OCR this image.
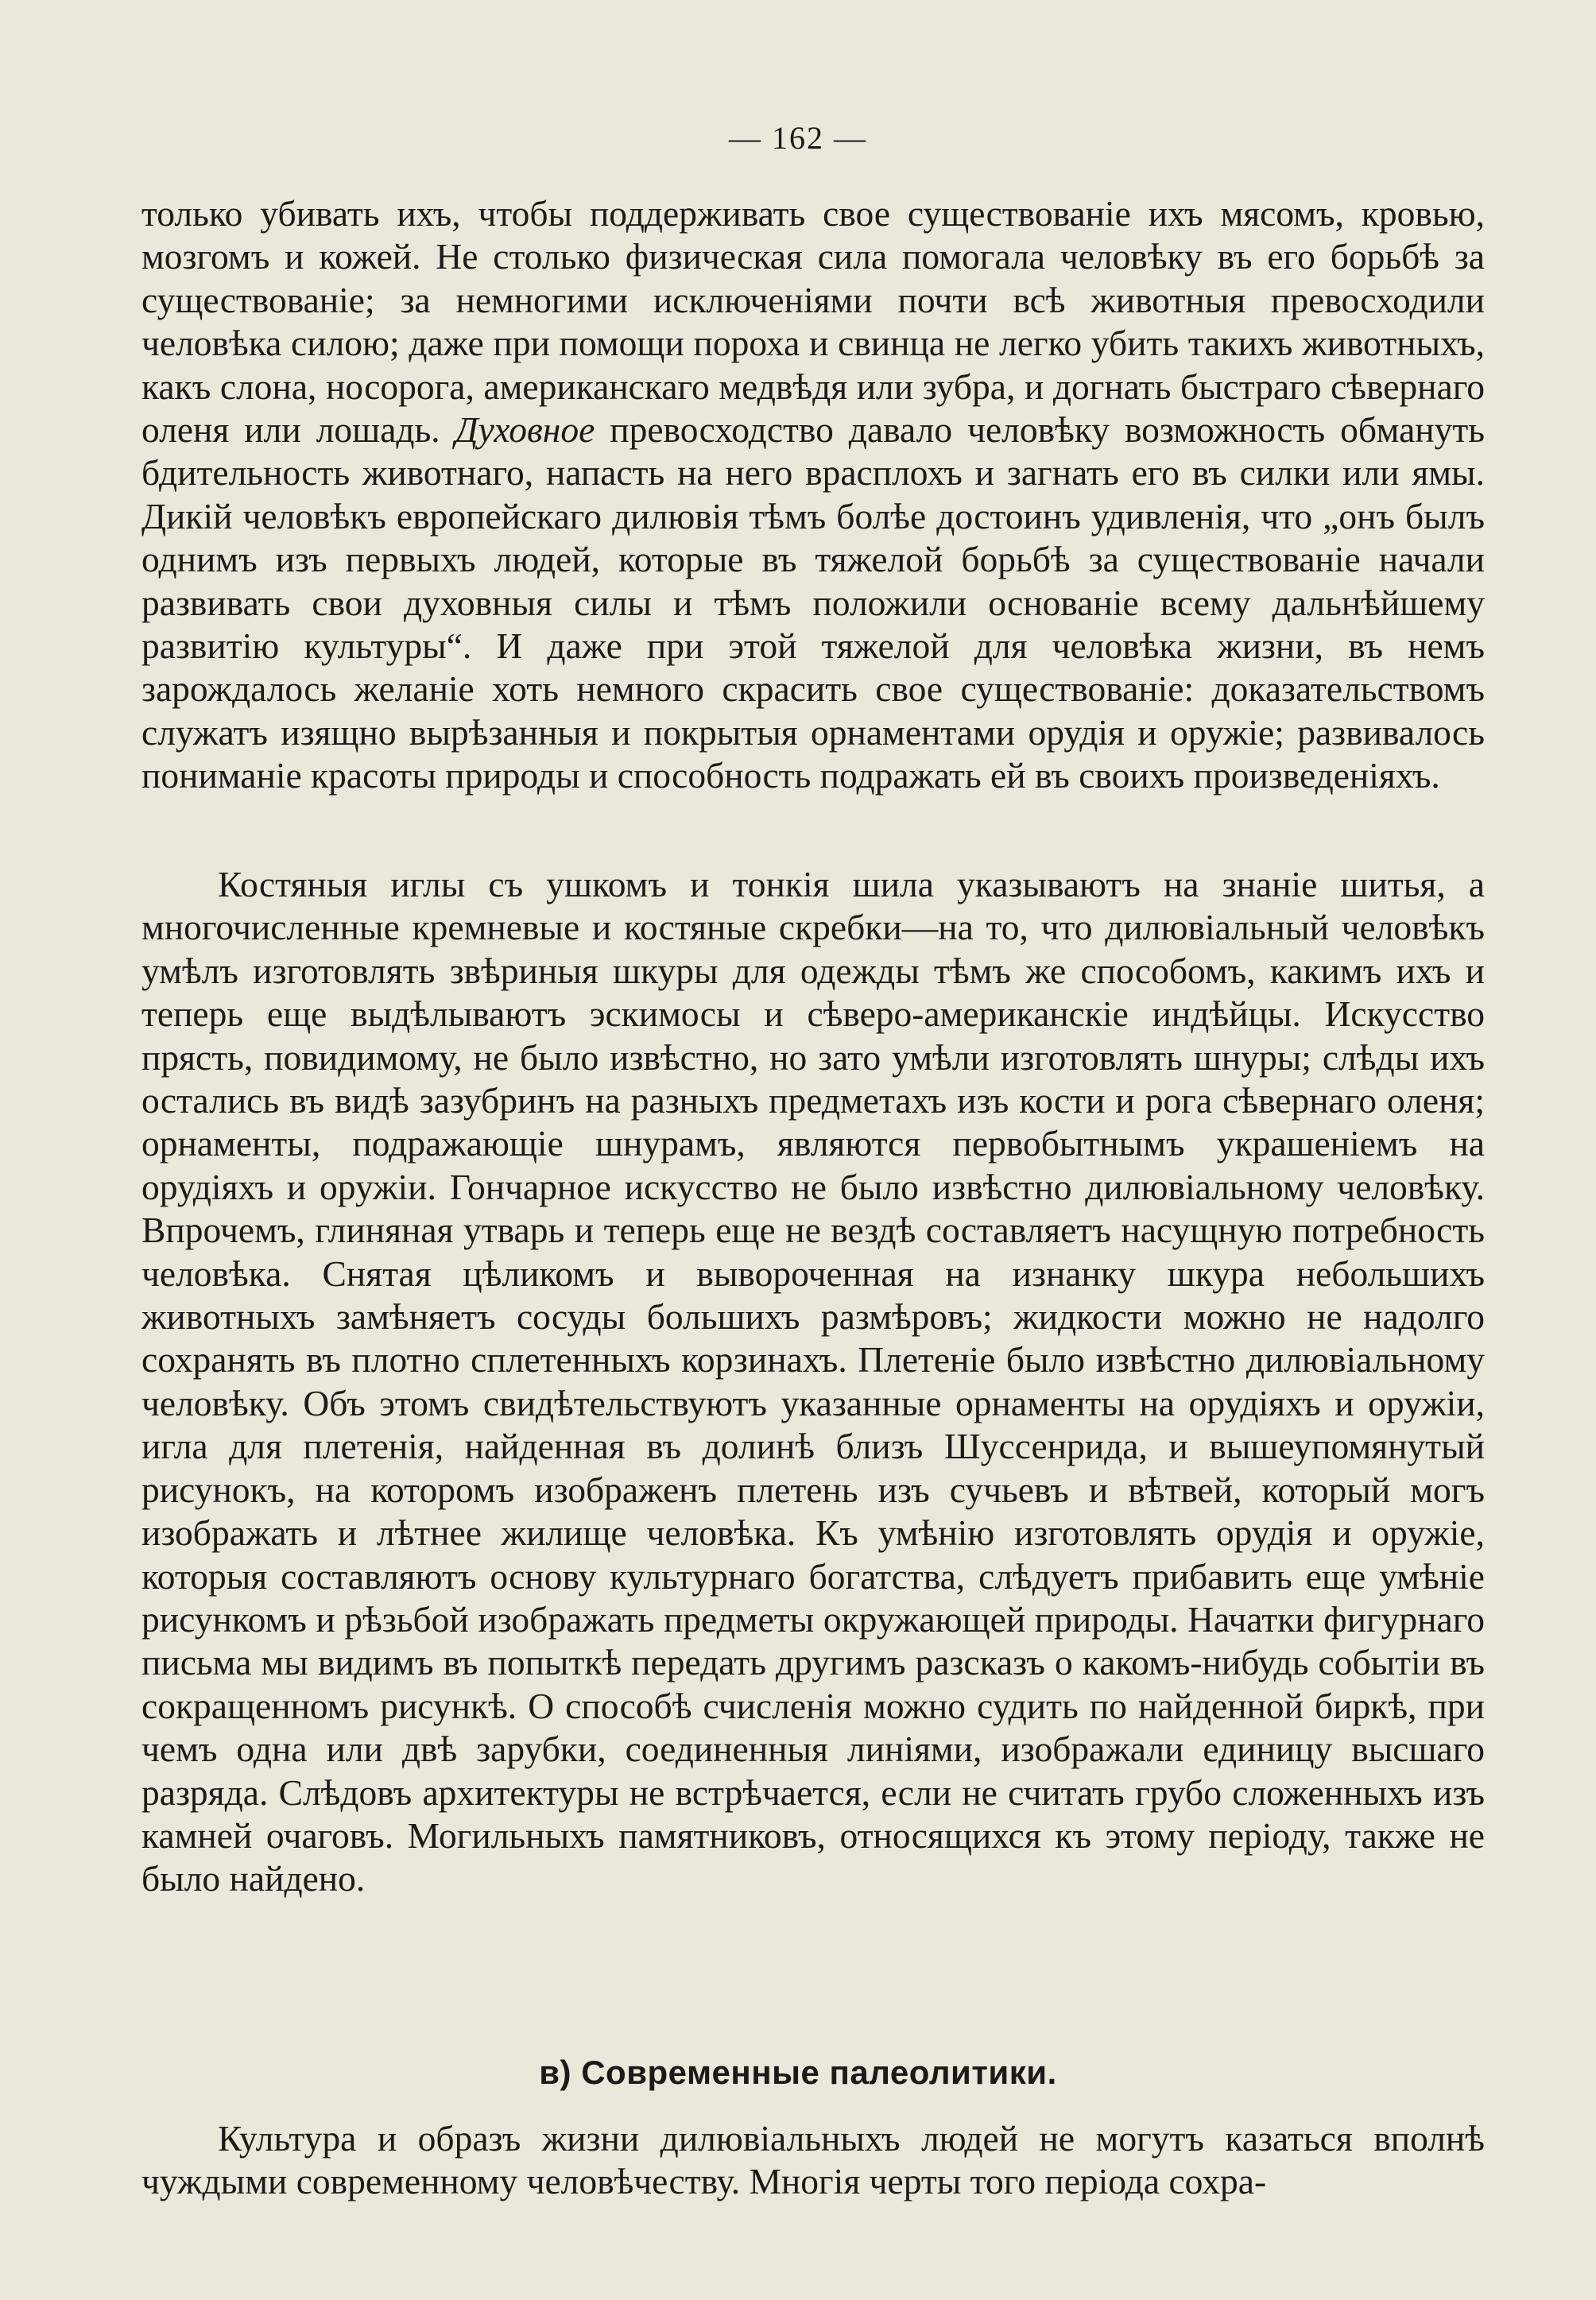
— 162 —

только убивать ихъ, чтобы поддерживать свое существованіе ихъ мясомъ, кровью, мозгомъ и кожей. Не столько физическая сила помогала человѣку въ его борьбѣ за существованіе; за немногими исключеніями почти всѣ животныя превосходили человѣка силою; даже при помощи пороха и свинца не легко убить такихъ животныхъ, какъ слона, носорога, американскаго медвѣдя или зубра, и догнать быстраго сѣвернаго оленя или лошадь. Духовное превосходство давало человѣку возможность обмануть бдительность животнаго, напасть на него врасплохъ и загнать его въ силки или ямы. Дикій человѣкъ европейскаго дилювія тѣмъ болѣе достоинъ удивленія, что „онъ былъ однимъ изъ первыхъ людей, которые въ тяжелой борьбѣ за существованіе начали развивать свои духовныя силы и тѣмъ положили основаніе всему дальнѣйшему развитію культуры“. И даже при этой тяжелой для человѣка жизни, въ немъ зарождалось желаніе хоть немного скрасить свое существованіе: доказательствомъ служатъ изящно вырѣзанныя и покрытыя орнаментами орудія и оружіе; развивалось пониманіе красоты природы и способность подражать ей въ своихъ произведеніяхъ.

Костяныя иглы съ ушкомъ и тонкія шила указываютъ на знаніе шитья, а многочисленные кремневые и костяные скребки—на то, что дилювіальный человѣкъ умѣлъ изготовлять звѣриныя шкуры для одежды тѣмъ же способомъ, какимъ ихъ и теперь еще выдѣлываютъ эскимосы и сѣверо-американскіе индѣйцы. Искусство прясть, повидимому, не было извѣстно, но зато умѣли изготовлять шнуры; слѣды ихъ остались въ видѣ зазубринъ на разныхъ предметахъ изъ кости и рога сѣвернаго оленя; орнаменты, подражающіе шнурамъ, являются первобытнымъ украшеніемъ на орудіяхъ и оружіи. Гончарное искусство не было извѣстно дилювіальному человѣку. Впрочемъ, глиняная утварь и теперь еще не вездѣ составляетъ насущную потребность человѣка. Снятая цѣликомъ и вывороченная на изнанку шкура небольшихъ животныхъ замѣняетъ сосуды большихъ размѣровъ; жидкости можно не надолго сохранять въ плотно сплетенныхъ корзинахъ. Плетеніе было извѣстно дилювіальному человѣку. Объ этомъ свидѣтельствуютъ указанные орнаменты на орудіяхъ и оружіи, игла для плетенія, найденная въ долинѣ близъ Шуссенрида, и вышеупомянутый рисунокъ, на которомъ изображенъ плетень изъ сучьевъ и вѣтвей, который могъ изображать и лѣтнее жилище человѣка. Къ умѣнію изготовлять орудія и оружіе, которыя составляютъ основу культурнаго богатства, слѣдуетъ прибавить еще умѣніе рисункомъ и рѣзьбой изображать предметы окружающей природы. Начатки фигурнаго письма мы видимъ въ попыткѣ передать другимъ разсказъ о какомъ-нибудь событіи въ сокращенномъ рисункѣ. О способѣ счисленія можно судить по найденной биркѣ, при чемъ одна или двѣ зарубки, соединенныя линіями, изображали единицу высшаго разряда. Слѣдовъ архитектуры не встрѣчается, если не считать грубо сложенныхъ изъ камней очаговъ. Могильныхъ памятниковъ, относящихся къ этому періоду, также не было найдено.

в) Современные палеолитики.

Культура и образъ жизни дилювіальныхъ людей не могутъ казаться вполнѣ чуждыми современному человѣчеству. Многія черты того періода сохра-
